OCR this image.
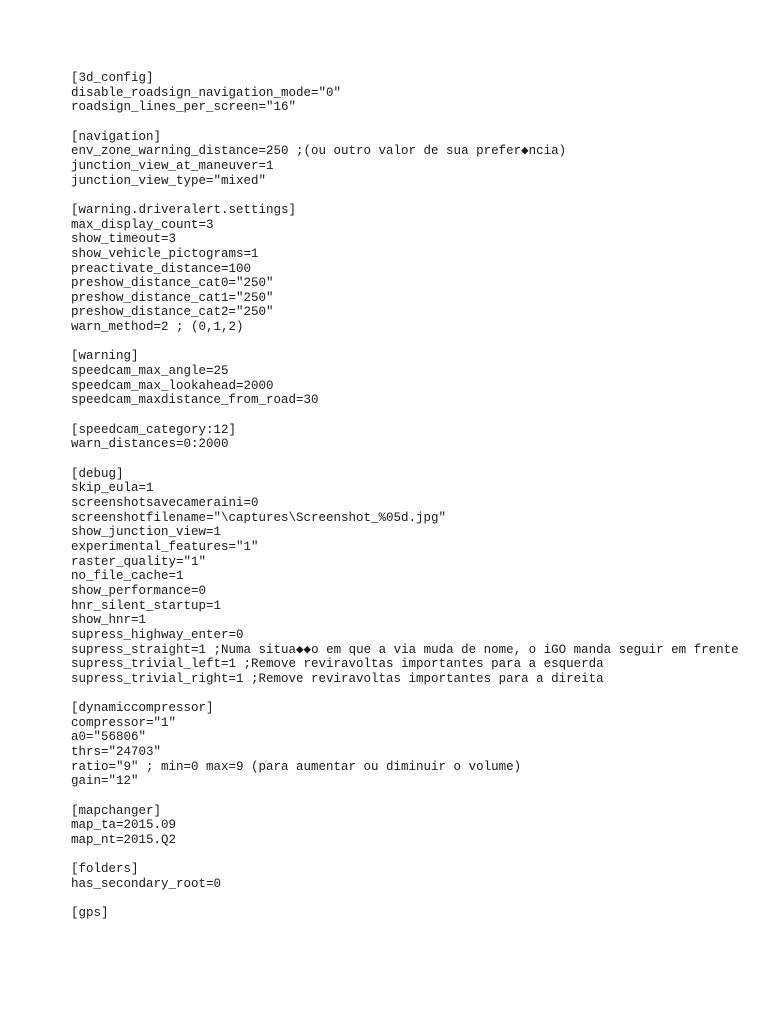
[3d_config]
disable_roadsign_navigation_mode="0"
roadsign_lines_per_screen="16"
[navigation]
env_zone_warning_distance=250 ;(ou outro valor de sua prefer◆ncia)
junction_view_at_maneuver=1
junction_view_type="mixed"
[warning.driveralert.settings]
max_display_count=3
show_timeout=3
show_vehicle_pictograms=1
preactivate_distance=100
preshow_distance_cat0="250"
preshow_distance_cat1="250"
preshow_distance_cat2="250"
warn_method=2 ; (0,1,2)
[warning]
speedcam_max_angle=25
speedcam_max_lookahead=2000
speedcam_maxdistance_from_road=30
[speedcam_category:12]
warn_distances=0:2000
[debug]
skip_eula=1
screenshotsavecameraini=0
screenshotfilename="\captures\Screenshot_%05d.jpg"
show_junction_view=1
experimental_features="1"
raster_quality="1"
no_file_cache=1
show_performance=0
hnr_silent_startup=1
show_hnr=1
supress_highway_enter=0
supress_straight=1 ;Numa situa◆◆o em que a via muda de nome, o iGO manda seguir em frente
supress_trivial_left=1 ;Remove reviravoltas importantes para a esquerda
supress_trivial_right=1 ;Remove reviravoltas importantes para a direita
[dynamiccompressor]
compressor="1"
a0="56806"
thrs="24703"
ratio="9" ; min=0 max=9 (para aumentar ou diminuir o volume)
gain="12"
[mapchanger]
map_ta=2015.09
map_nt=2015.Q2
[folders]
has_secondary_root=0
[gps]
